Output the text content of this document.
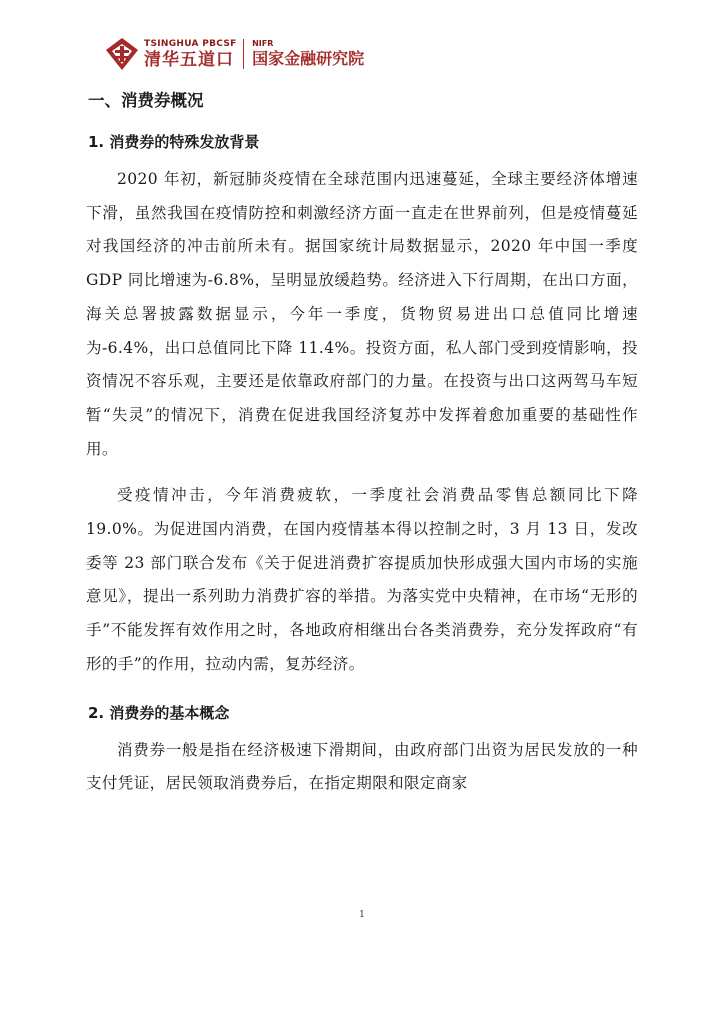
TSINGHUA PBCSF
清华五道口
NIFR
国家金融研究院
一、消费券概况
1. 消费券的特殊发放背景

2020 年初，新冠肺炎疫情在全球范围内迅速蔓延，全球主要经济体增速下滑，虽然我国在疫情防控和刺激经济方面一直走在世界前列，但是疫情蔓延对我国经济的冲击前所未有。据国家统计局数据显示，2020 年中国一季度 GDP 同比增速为-6.8%，呈明显放缓趋势。经济进入下行周期，在出口方面，海关总署披露数据显示，今年一季度，货物贸易进出口总值同比增速为-6.4%，出口总值同比下降 11.4%。投资方面，私人部门受到疫情影响，投资情况不容乐观，主要还是依靠政府部门的力量。在投资与出口这两驾马车短暂“失灵”的情况下，消费在促进我国经济复苏中发挥着愈加重要的基础性作用。

受疫情冲击，今年消费疲软，一季度社会消费品零售总额同比下降 19.0%。为促进国内消费，在国内疫情基本得以控制之时，3 月 13 日，发改委等 23 部门联合发布《关于促进消费扩容提质加快形成强大国内市场的实施意见》，提出一系列助力消费扩容的举措。为落实党中央精神，在市场“无形的手”不能发挥有效作用之时，各地政府相继出台各类消费券，充分发挥政府“有形的手”的作用，拉动内需，复苏经济。

2. 消费券的基本概念

消费券一般是指在经济极速下滑期间，由政府部门出资为居民发放的一种支付凭证，居民领取消费券后，在指定期限和限定商家

1
